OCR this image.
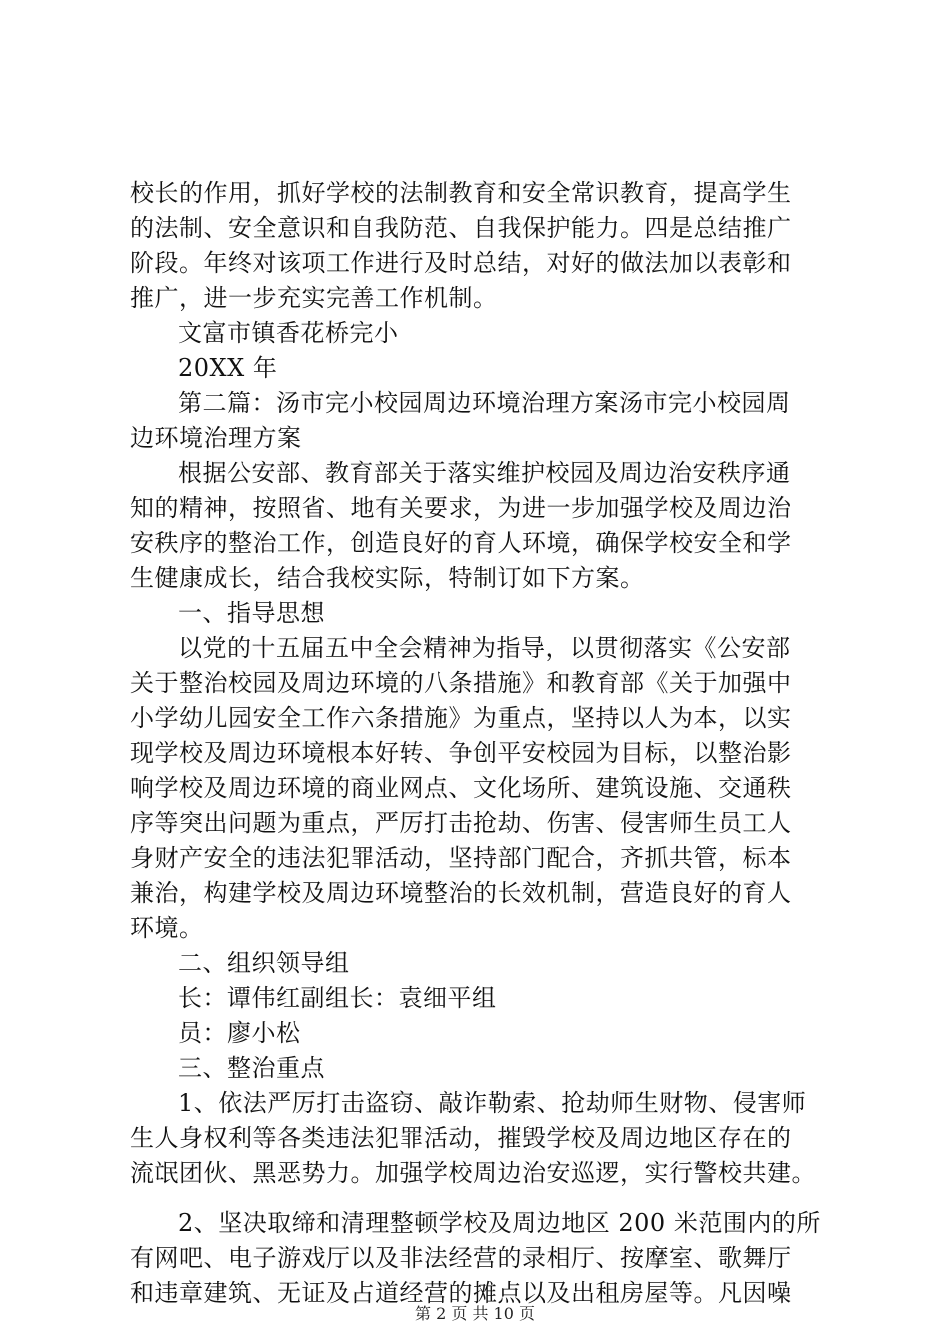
校长的作用，抓好学校的法制教育和安全常识教育，提高学生
的法制、安全意识和自我防范、自我保护能力。四是总结推广
阶段。年终对该项工作进行及时总结，对好的做法加以表彰和
推广，进一步充实完善工作机制。
文富市镇香花桥完小
20XX 年
第二篇：汤市完小校园周边环境治理方案汤市完小校园周
边环境治理方案
根据公安部、教育部关于落实维护校园及周边治安秩序通
知的精神，按照省、地有关要求，为进一步加强学校及周边治
安秩序的整治工作，创造良好的育人环境，确保学校安全和学
生健康成长，结合我校实际，特制订如下方案。
一、指导思想
以党的十五届五中全会精神为指导，以贯彻落实《公安部
关于整治校园及周边环境的八条措施》和教育部《关于加强中
小学幼儿园安全工作六条措施》为重点，坚持以人为本，以实
现学校及周边环境根本好转、争创平安校园为目标，以整治影
响学校及周边环境的商业网点、文化场所、建筑设施、交通秩
序等突出问题为重点，严厉打击抢劫、伤害、侵害师生员工人
身财产安全的违法犯罪活动，坚持部门配合，齐抓共管，标本
兼治，构建学校及周边环境整治的长效机制，营造良好的育人
环境。
二、组织领导组
长：谭伟红副组长：袁细平组
员：廖小松
三、整治重点
1、依法严厉打击盗窃、敲诈勒索、抢劫师生财物、侵害师
生人身权利等各类违法犯罪活动，摧毁学校及周边地区存在的
流氓团伙、黑恶势力。加强学校周边治安巡逻，实行警校共建。
2、坚决取缔和清理整顿学校及周边地区 200 米范围内的所
有网吧、电子游戏厅以及非法经营的录相厅、按摩室、歌舞厅
和违章建筑、无证及占道经营的摊点以及出租房屋等。凡因噪
第 2 页 共 10 页
